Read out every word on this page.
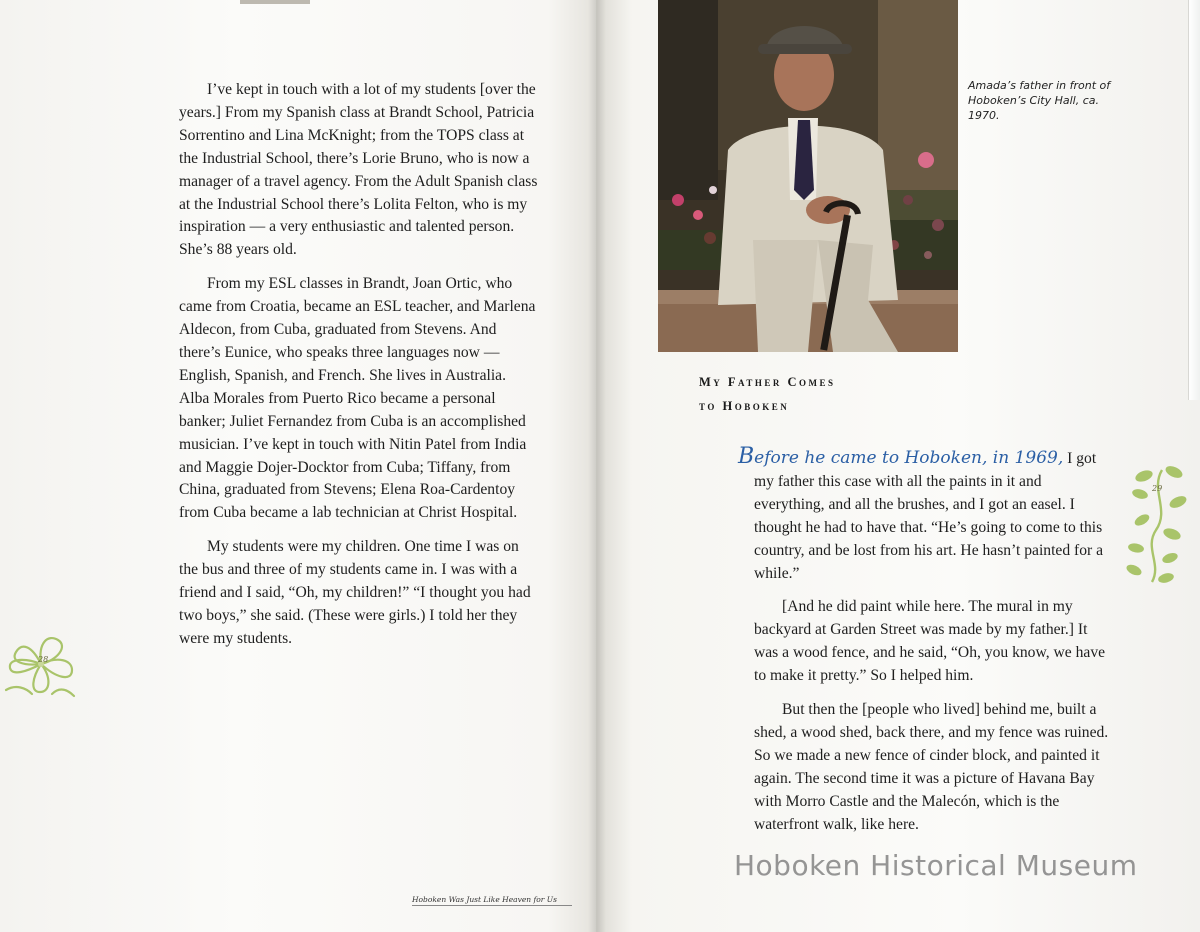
I’ve kept in touch with a lot of my students [over the years.] From my Spanish class at Brandt School, Patricia Sorrentino and Lina McKnight; from the TOPS class at the Industrial School, there’s Lorie Bruno, who is now a manager of a travel agency. From the Adult Spanish class at the Industrial School there’s Lolita Felton, who is my inspiration — a very enthusiastic and talented person. She’s 88 years old.

From my ESL classes in Brandt, Joan Ortic, who came from Croatia, became an ESL teacher, and Marlena Aldecon, from Cuba, graduated from Stevens. And there’s Eunice, who speaks three languages now — English, Spanish, and French. She lives in Australia. Alba Morales from Puerto Rico became a personal banker; Juliet Fernandez from Cuba is an accomplished musician. I’ve kept in touch with Nitin Patel from India and Maggie Dojer-Docktor from Cuba; Tiffany, from China, graduated from Stevens; Elena Roa-Cardentoy from Cuba became a lab technician at Christ Hospital.

My students were my children. One time I was on the bus and three of my students came in. I was with a friend and I said, “Oh, my children!” “I thought you had two boys,” she said. (These were girls.) I told her they were my students.

28
Hoboken Was Just Like Heaven for Us
Amada’s father in front of Hoboken’s City Hall, ca. 1970.
My Father Comes
to Hoboken

Before he came to Hoboken, in 1969, I got my father this case with all the paints in it and everything, and all the brushes, and I got an easel. I thought he had to have that. “He’s going to come to this country, and be lost from his art. He hasn’t painted for a while.”

[And he did paint while here. The mural in my backyard at Garden Street was made by my father.] It was a wood fence, and he said, “Oh, you know, we have to make it pretty.” So I helped him.

But then the [people who lived] behind me, built a shed, a wood shed, back there, and my fence was ruined. So we made a new fence of cinder block, and painted it again. The second time it was a picture of Havana Bay with Morro Castle and the Malecón, which is the waterfront walk, like here.

29
Hoboken Historical Museum
